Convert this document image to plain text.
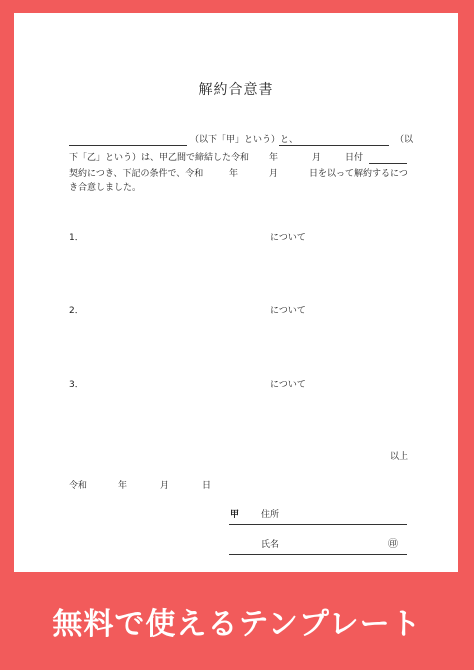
解約合意書
（以下「甲」という）と、	（以
下「乙」という）は、甲乙間で締結した令和 年	月	日付
契約につき、下記の条件で、令和	年	月	日を以って解約するにつ
き合意しました。
1．	について
2．	について
3．	について
以上
令和	年	月	日
甲 住所
氏名	㊞
無料で使えるテンプレート
